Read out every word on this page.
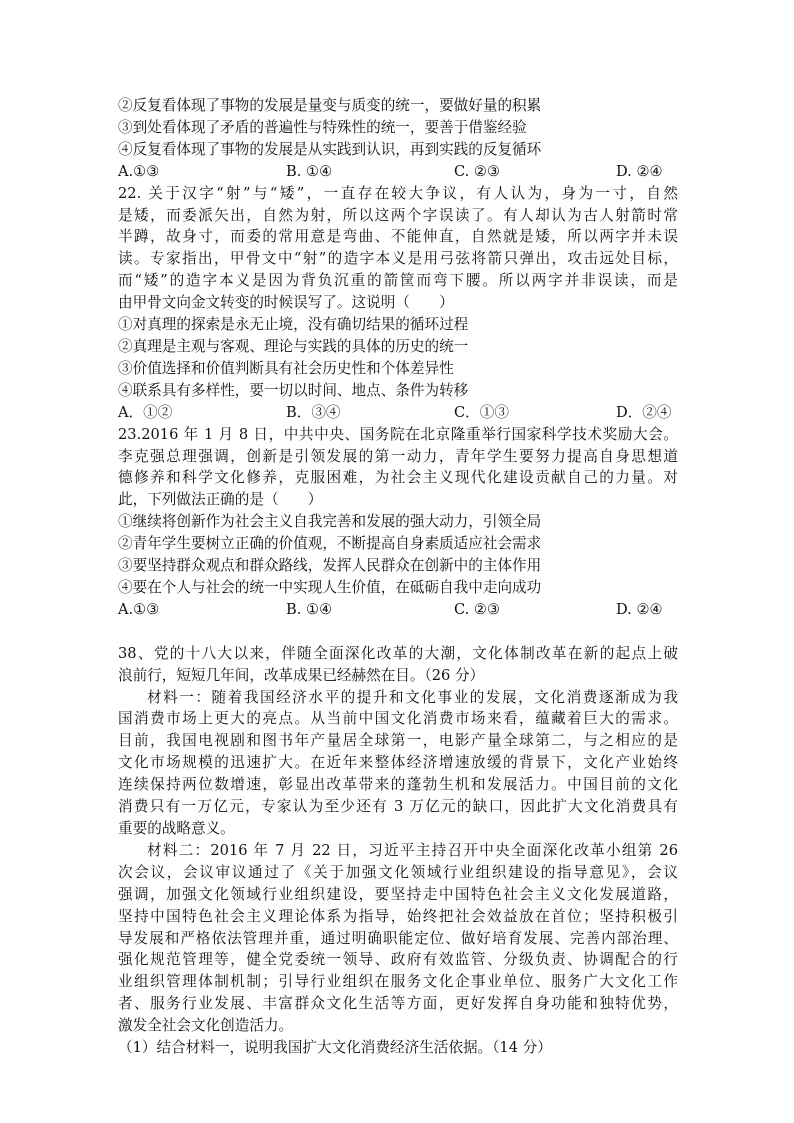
②反复看体现了事物的发展是量变与质变的统一，要做好量的积累
③到处看体现了矛盾的普遍性与特殊性的统一，要善于借鉴经验
④反复看体现了事物的发展是从实践到认识，再到实践的反复循环
A.①③	B. ①④	C. ②③	D. ②④
22. 关于汉字“射”与“矮”，一直存在较大争议，有人认为，身为一寸，自然
是矮，而委派矢出，自然为射，所以这两个字误读了。有人却认为古人射箭时常
半蹲，故身寸，而委的常用意是弯曲、不能伸直，自然就是矮，所以两字并未误
读。专家指出，甲骨文中“射”的造字本义是用弓弦将箭只弹出，攻击远处目标，
而“矮”的造字本义是因为背负沉重的箭筐而弯下腰。所以两字并非误读，而是
由甲骨文向金文转变的时候误写了。这说明（　　）
①对真理的探索是永无止境，没有确切结果的循环过程
②真理是主观与客观、理论与实践的具体的历史的统一
③价值选择和价值判断具有社会历史性和个体差异性
④联系具有多样性，要一切以时间、地点、条件为转移
A．①②	B．③④	C．①③	D．②④
23.2016 年 1 月 8 日，中共中央、国务院在北京隆重举行国家科学技术奖励大会。
李克强总理强调，创新是引领发展的第一动力，青年学生要努力提高自身思想道
德修养和科学文化修养，克服困难，为社会主义现代化建设贡献自己的力量。对
此，下列做法正确的是（　　）
①继续将创新作为社会主义自我完善和发展的强大动力，引领全局
②青年学生要树立正确的价值观，不断提高自身素质适应社会需求
③要坚持群众观点和群众路线，发挥人民群众在创新中的主体作用
④要在个人与社会的统一中实现人生价值，在砥砺自我中走向成功
A.①③	B. ①④	C. ②③	D. ②④
38、党的十八大以来，伴随全面深化改革的大潮，文化体制改革在新的起点上破
浪前行，短短几年间，改革成果已经赫然在目。（26 分）
材料一：随着我国经济水平的提升和文化事业的发展，文化消费逐渐成为我
国消费市场上更大的亮点。从当前中国文化消费市场来看，蕴藏着巨大的需求。
目前，我国电视剧和图书年产量居全球第一，电影产量全球第二，与之相应的是
文化市场规模的迅速扩大。在近年来整体经济增速放缓的背景下，文化产业始终
连续保持两位数增速，彰显出改革带来的蓬勃生机和发展活力。中国目前的文化
消费只有一万亿元，专家认为至少还有 3 万亿元的缺口，因此扩大文化消费具有
重要的战略意义。
材料二：2016 年 7 月 22 日，习近平主持召开中央全面深化改革小组第 26
次会议，会议审议通过了《关于加强文化领域行业组织建设的指导意见》，会议
强调，加强文化领域行业组织建设，要坚持走中国特色社会主义文化发展道路，
坚持中国特色社会主义理论体系为指导，始终把社会效益放在首位；坚持积极引
导发展和严格依法管理并重，通过明确职能定位、做好培育发展、完善内部治理、
强化规范管理等，健全党委统一领导、政府有效监管、分级负责、协调配合的行
业组织管理体制机制；引导行业组织在服务文化企事业单位、服务广大文化工作
者、服务行业发展、丰富群众文化生活等方面，更好发挥自身功能和独特优势，
激发全社会文化创造活力。
（1）结合材料一，说明我国扩大文化消费经济生活依据。（14 分）
